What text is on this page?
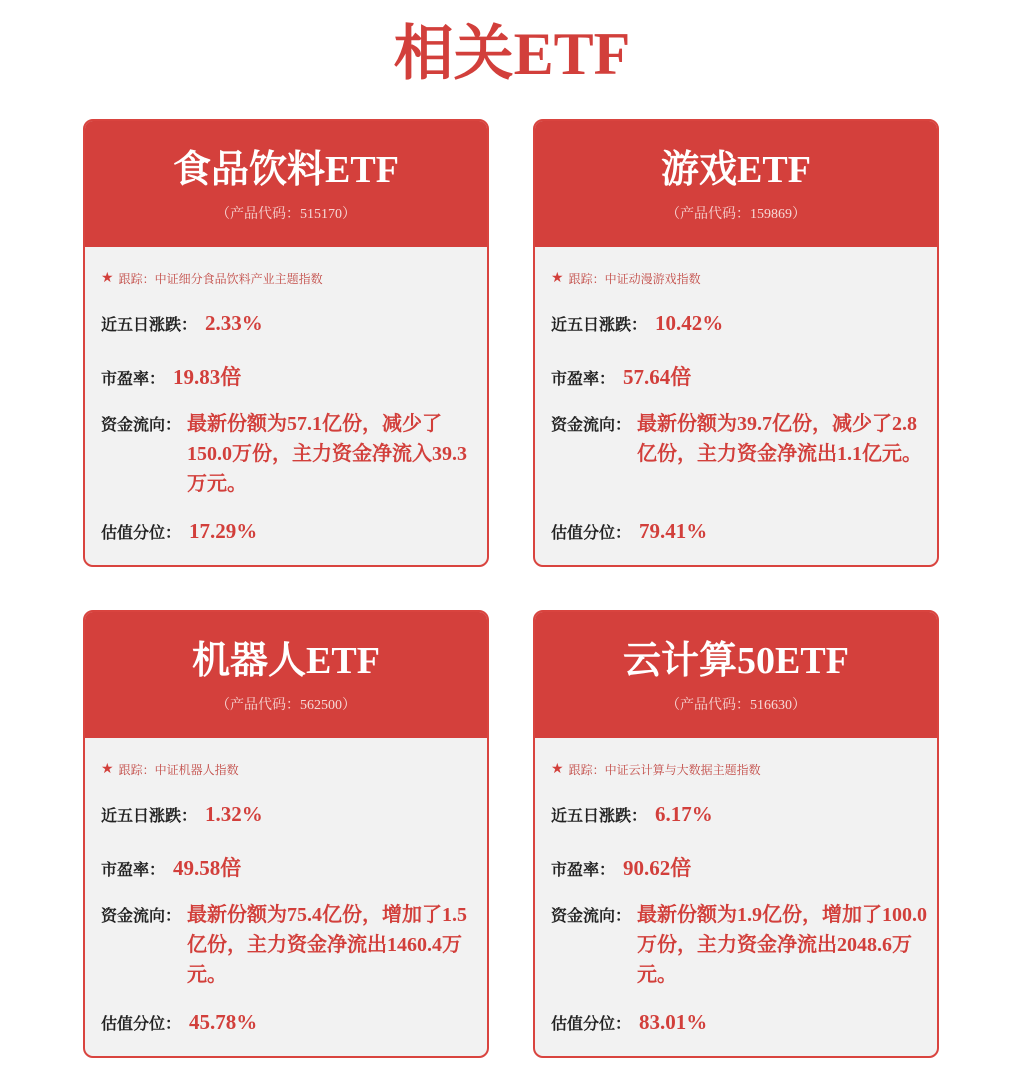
相关ETF
食品饮料ETF
（产品代码：515170）
★ 跟踪： 中证细分食品饮料产业主题指数
近五日涨跌： 2.33%
市盈率： 19.83倍
资金流向： 最新份额为57.1亿份，减少了150.0万份，主力资金净流入39.3万元。
估值分位： 17.29%
游戏ETF
（产品代码：159869）
★ 跟踪： 中证动漫游戏指数
近五日涨跌： 10.42%
市盈率： 57.64倍
资金流向： 最新份额为39.7亿份，减少了2.8亿份，主力资金净流出1.1亿元。
估值分位： 79.41%
机器人ETF
（产品代码：562500）
★ 跟踪： 中证机器人指数
近五日涨跌： 1.32%
市盈率： 49.58倍
资金流向： 最新份额为75.4亿份，增加了1.5亿份，主力资金净流出1460.4万元。
估值分位： 45.78%
云计算50ETF
（产品代码：516630）
★ 跟踪： 中证云计算与大数据主题指数
近五日涨跌： 6.17%
市盈率： 90.62倍
资金流向： 最新份额为1.9亿份，增加了100.0万份，主力资金净流出2048.6万元。
估值分位： 83.01%
